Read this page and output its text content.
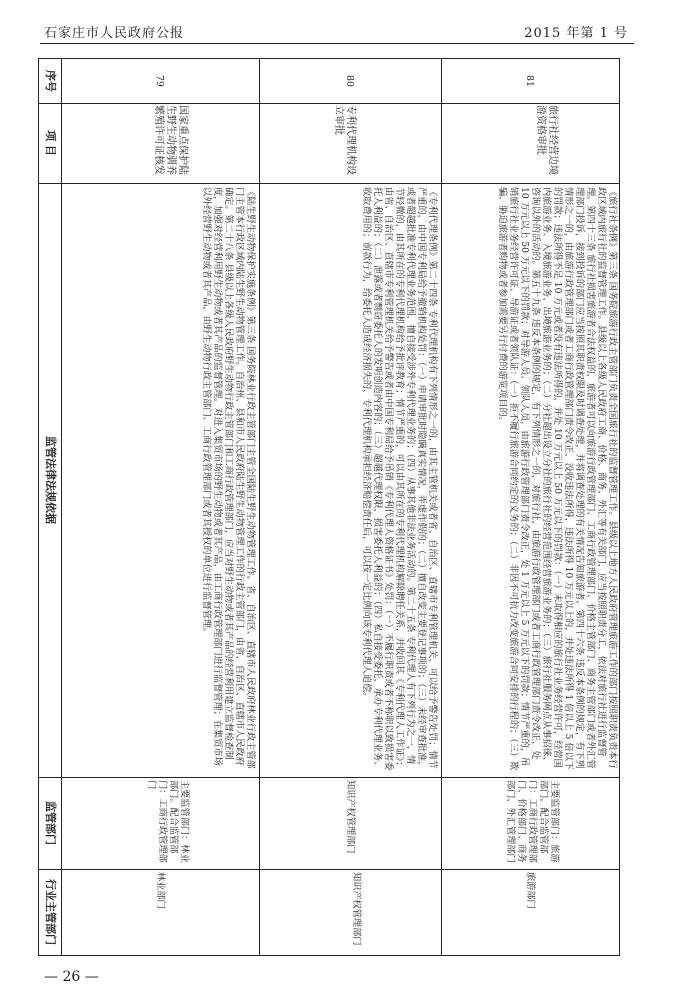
石家庄市人民政府公报	2015 年第 1 号
序号
项 目
监管法律法规依据
监管部门
行业主管部门
79
国家重点保护陆生野生动物驯养繁殖许可证核发
《陆生野生动物保护实施条例》第三条 国务院林业行政主管部门主管全国陆生野生动物管理工作。省、自治区、直辖市人民政府林业行政主管部门主管本行政区域内陆生野生动物管理工作。自治州、县和市人民政府陆生野生动物管理工作的行政主管部门，由省、自治区、直辖市人民政府确定。第二十八条 县级以上各级人民政府野生动物行政主管部门和工商行政管理部门，应当对野生动物或者其产品的经营利用建立监督检查制度，加强对经营利用野生动物或者其产品的监督管理。对进入集贸市场的野生动物或者其产品，由工商行政管理部门进行监督管理；在集贸市场以外经营野生动物或者其产品，由野生动物行政主管部门、工商行政管理部门或者其授权的单位进行监督管理。
主要监管部门：林业部门。配合监管部门：工商行政管理部门
林业部门
80
专利代理机构设立审批
《专利代理条例》第二十四条 专利代理机构有下列情形之一的，由其主管机关或者省、自治区、直辖市专利管理机关，可以给予警告处罚；情节严重的，由中国专利局给予撤销机构处罚：（一）申请审批时隐瞒真实情况，弄虚作假的；（二）擅自改变主要登记事项的；（三）未经审查批准，或者超越批准专利代理业务范围，擅自接受涉外专利代理业务的；（四）从事其他非法业务活动的。第二十五条 专利代理人有下列行为之一，情节轻微的，由其所在的专利代理机构给予批评教育；情节严重的，可以由其所在的专利代理机构解除聘任关系，并收回其《专利代理人工作证》；由省、自治区、直辖市专利管理机关给予警告或者由中国专利局给予吊销《专利代理人资格证书》处罚：（一）不履行职责或者不称职以致损害委托人利益的；（二）泄露或者剽窃委托人的发明创造内容的；（三）超越代理权限，损害委托人利益的；（四）私自接受委托，承办专利代理业务、收取费用的；前款行为，给委托人造成经济损失的，专利代理机构承担经济赔偿责任后，可以按一定比例向该专利代理人追偿。
知识产权管理部门
知识产权管理部门
81
旅行社经营边境游资格审批
《旅行社条例》第三条 国务院旅游行政主管部门负责全国旅行社的监督管理工作。县级以上地方人民政府管理旅游工作的部门按照职责负责本行政区域内旅行社的监督管理工作。县级以上各级人民政府工商、价格、商务、外汇等有关部门，应当按照职责分工，依法对旅行社进行监督管理。第四十三条 旅行社损害旅游者合法权益的，旅游者可以向旅游行政管理部门、工商行政管理部门、价格主管部门、商务主管部门或者外汇管理部门投诉，接到投诉的部门应当按照其职责权限及时调查处理，并将调查处理的有关情况告知旅游者。第四十六条 违反本条例的规定，有下列情形之一的，由旅游行政管理部门或者工商行政管理部门责令改正，没收违法所得，违法所得 10 万元以上的，并处违法所得 1 倍以上 5 倍以下的罚款；违法所得不足 10 万元或者没有违法所得的，并处 10 万元以上 50 万元以下的罚款：（一）未取得相应的旅行社业务经营许可，经营国内旅游业务、入境旅游业务、出境旅游业务的；（二）分社超出设立分社的旅行社的经营范围经营旅游业务的；（三）旅行社服务网点从事招徕、咨询以外的活动的。第五十九条 违反本条例的规定，有下列情形之一的，对旅行社，由旅游行政管理部门或者工商行政管理部门责令改正，处 10 万元以上 50 万元以下的罚款；对导游人员、领队人员，由旅游行政管理部门责令改正，处 1 万元以上 5 万元以下的罚款；情节严重的，吊销旅行社业务经营许可证、导游证或者领队证：（一）拒不履行旅游合同约定的义务的；（二）非因不可抗力改变旅游合同安排的行程的；（三）欺骗、胁迫旅游者购物或者参加需要另行付费的游览项目的。
主要监管部门：旅游部门。配合监管部门：工商行政管理部门、价格部门、商务部门、外汇管理部门
旅游部门
— 26 —
